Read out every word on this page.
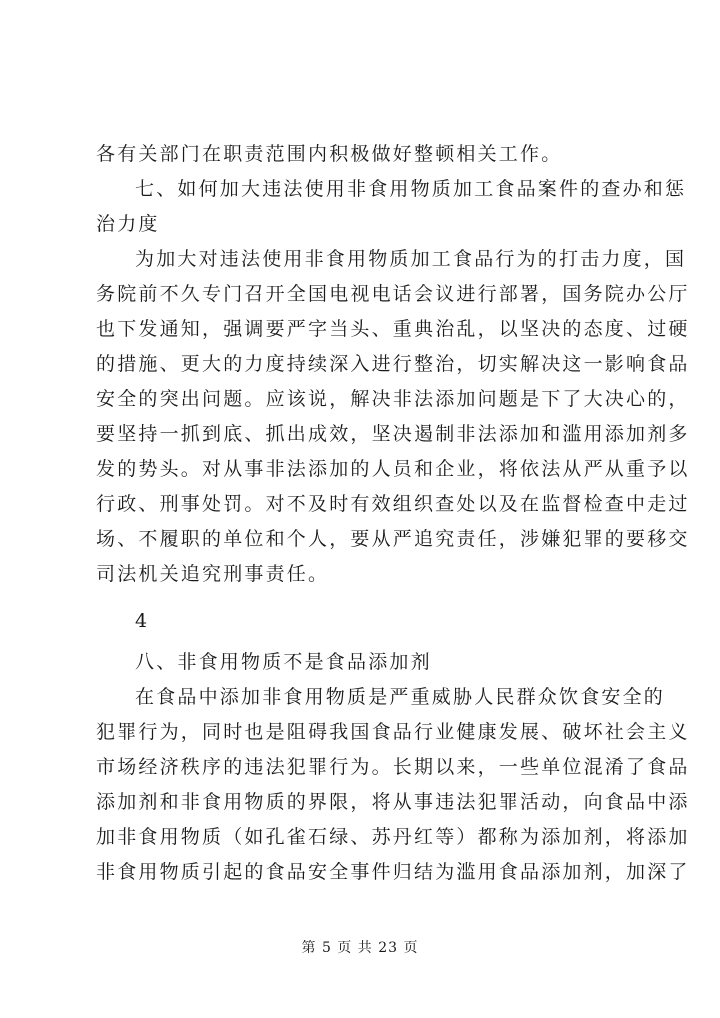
各有关部门在职责范围内积极做好整顿相关工作。
七、如何加大违法使用非食用物质加工食品案件的查办和惩
治力度
为加大对违法使用非食用物质加工食品行为的打击力度，国
务院前不久专门召开全国电视电话会议进行部署，国务院办公厅
也下发通知，强调要严字当头、重典治乱，以坚决的态度、过硬
的措施、更大的力度持续深入进行整治，切实解决这一影响食品
安全的突出问题。应该说，解决非法添加问题是下了大决心的，
要坚持一抓到底、抓出成效，坚决遏制非法添加和滥用添加剂多
发的势头。对从事非法添加的人员和企业，将依法从严从重予以
行政、刑事处罚。对不及时有效组织查处以及在监督检查中走过
场、不履职的单位和个人，要从严追究责任，涉嫌犯罪的要移交
司法机关追究刑事责任。
4
八、非食用物质不是食品添加剂
在食品中添加非食用物质是严重威胁人民群众饮食安全的
犯罪行为，同时也是阻碍我国食品行业健康发展、破坏社会主义
市场经济秩序的违法犯罪行为。长期以来，一些单位混淆了食品
添加剂和非食用物质的界限，将从事违法犯罪活动，向食品中添
加非食用物质（如孔雀石绿、苏丹红等）都称为添加剂，将添加
非食用物质引起的食品安全事件归结为滥用食品添加剂，加深了
第 5 页 共 23 页
